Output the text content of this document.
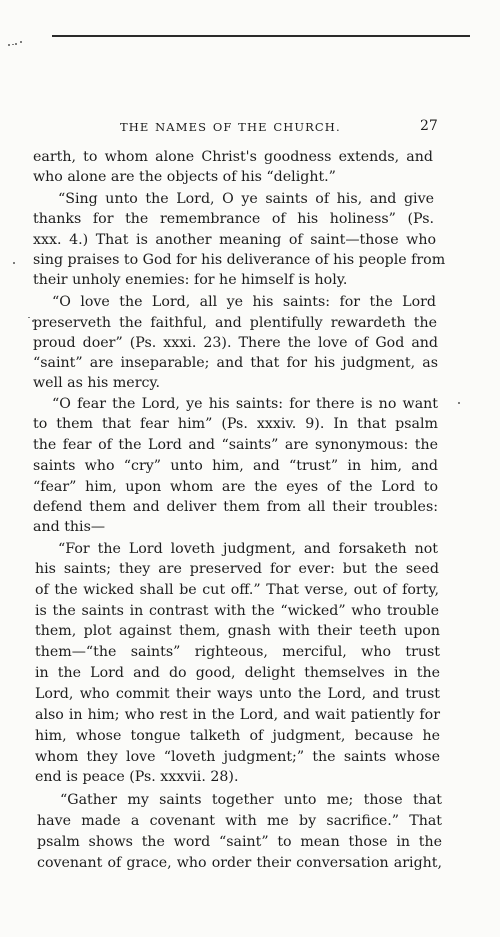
THE NAMES OF THE CHURCH.	27
earth, to whom alone Christ's goodness extends, and
who alone are the objects of his “delight.”
“Sing unto the Lord, O ye saints of his, and give
thanks for the remembrance of his holiness” (Ps.
xxx. 4.) That is another meaning of saint—those who
sing praises to God for his deliverance of his people from
their unholy enemies: for he himself is holy.
“O love the Lord, all ye his saints: for the Lord
preserveth the faithful, and plentifully rewardeth the
proud doer” (Ps. xxxi. 23). There the love of God and
“saint” are inseparable; and that for his judgment, as
well as his mercy.
“O fear the Lord, ye his saints: for there is no want
to them that fear him” (Ps. xxxiv. 9). In that psalm
the fear of the Lord and “saints” are synonymous: the
saints who “cry” unto him, and “trust” in him, and
“fear” him, upon whom are the eyes of the Lord to
defend them and deliver them from all their troubles:
and this—
“For the Lord loveth judgment, and forsaketh not
his saints; they are preserved for ever: but the seed
of the wicked shall be cut off.” That verse, out of forty,
is the saints in contrast with the “wicked” who trouble
them, plot against them, gnash with their teeth upon
them—“the saints” righteous, merciful, who trust
in the Lord and do good, delight themselves in the
Lord, who commit their ways unto the Lord, and trust
also in him; who rest in the Lord, and wait patiently for
him, whose tongue talketh of judgment, because he
whom they love “loveth judgment;” the saints whose
end is peace (Ps. xxxvii. 28).
“Gather my saints together unto me; those that
have made a covenant with me by sacrifice.” That
psalm shows the word “saint” to mean those in the
covenant of grace, who order their conversation aright,
